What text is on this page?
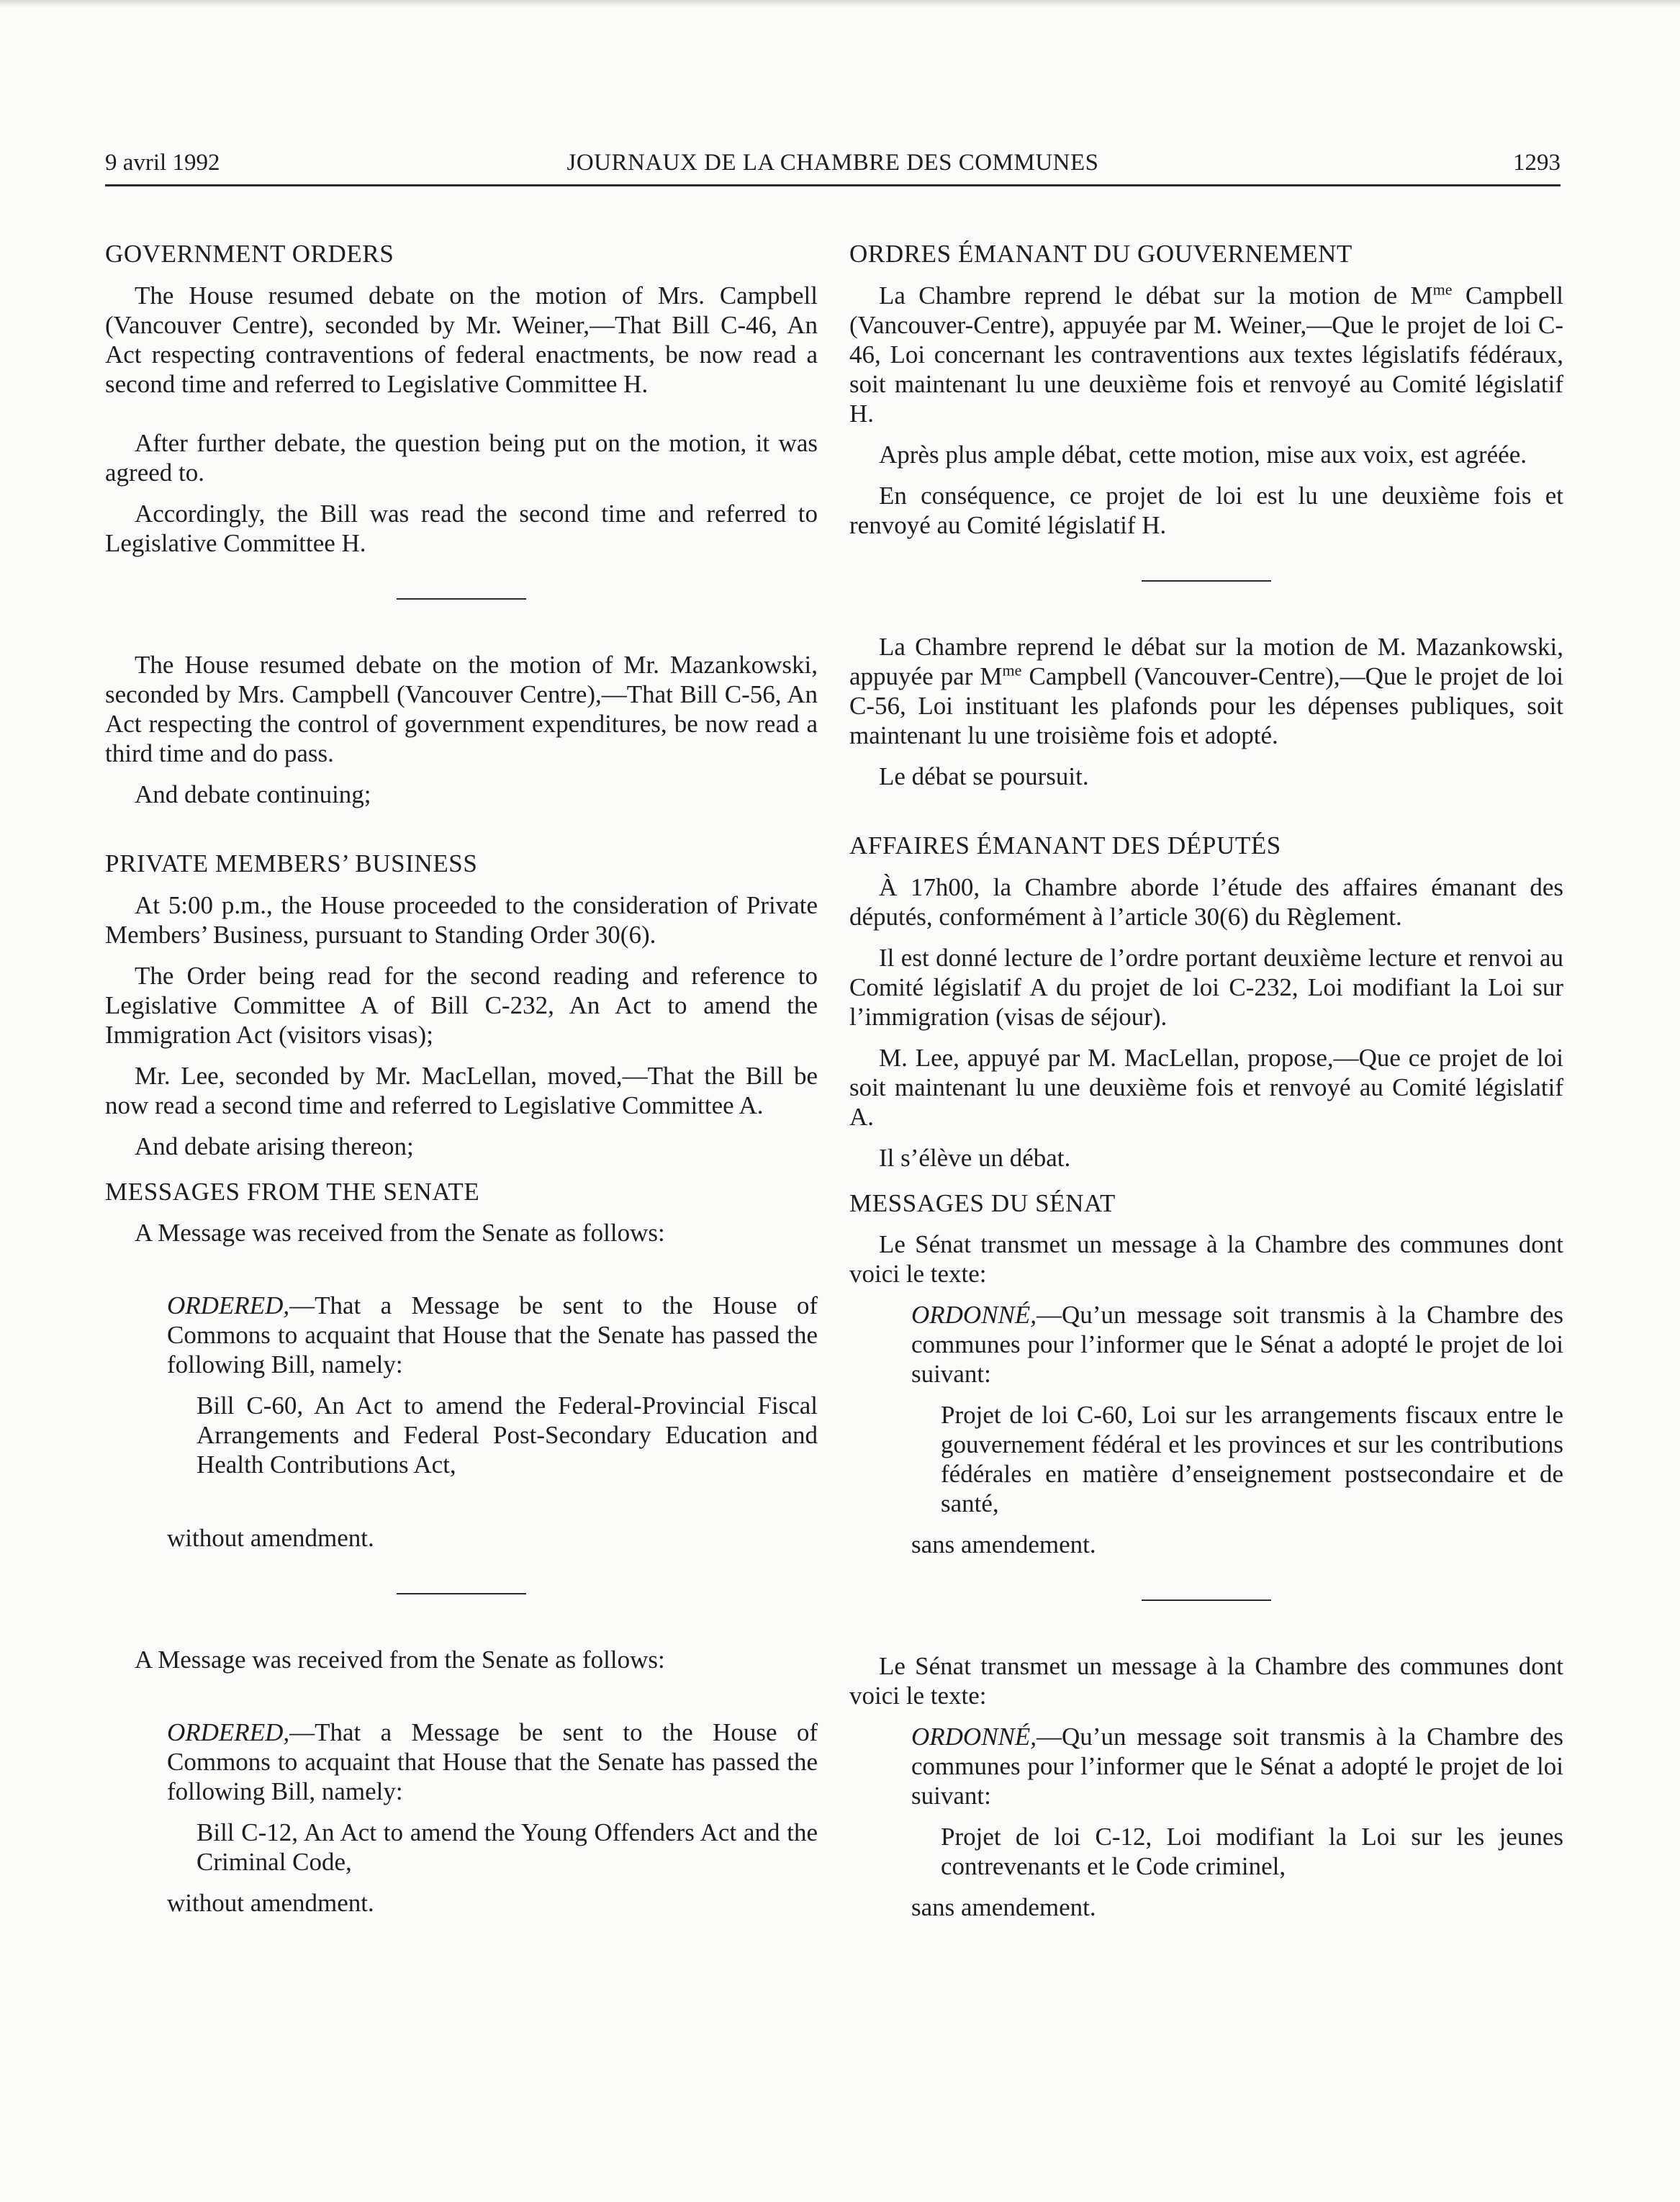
9 avril 1992	JOURNAUX DE LA CHAMBRE DES COMMUNES	1293
GOVERNMENT ORDERS

The House resumed debate on the motion of Mrs. Campbell (Vancouver Centre), seconded by Mr. Weiner,—That Bill C-46, An Act respecting contraventions of federal enactments, be now read a second time and referred to Legislative Committee H.

After further debate, the question being put on the motion, it was agreed to.

Accordingly, the Bill was read the second time and referred to Legislative Committee H.

The House resumed debate on the motion of Mr. Mazankowski, seconded by Mrs. Campbell (Vancouver Centre),—That Bill C-56, An Act respecting the control of government expenditures, be now read a third time and do pass.

And debate continuing;

PRIVATE MEMBERS’ BUSINESS

At 5:00 p.m., the House proceeded to the consideration of Private Members’ Business, pursuant to Standing Order 30(6).

The Order being read for the second reading and reference to Legislative Committee A of Bill C-232, An Act to amend the Immigration Act (visitors visas);

Mr. Lee, seconded by Mr. MacLellan, moved,—That the Bill be now read a second time and referred to Legislative Committee A.

And debate arising thereon;

MESSAGES FROM THE SENATE

A Message was received from the Senate as follows:

ORDERED,—That a Message be sent to the House of Commons to acquaint that House that the Senate has passed the following Bill, namely:

Bill C-60, An Act to amend the Federal-Provincial Fiscal Arrangements and Federal Post-Secondary Education and Health Contributions Act,

without amendment.

A Message was received from the Senate as follows:

ORDERED,—That a Message be sent to the House of Commons to acquaint that House that the Senate has passed the following Bill, namely:

Bill C-12, An Act to amend the Young Offenders Act and the Criminal Code,

without amendment.

ORDRES ÉMANANT DU GOUVERNEMENT

La Chambre reprend le débat sur la motion de $M^{me}$ Campbell (Vancouver-Centre), appuyée par M. Weiner,—Que le projet de loi C-46, Loi concernant les contraventions aux textes législatifs fédéraux, soit maintenant lu une deuxième fois et renvoyé au Comité législatif H.

Après plus ample débat, cette motion, mise aux voix, est agréée.

En conséquence, ce projet de loi est lu une deuxième fois et renvoyé au Comité législatif H.

La Chambre reprend le débat sur la motion de M. Mazankowski, appuyée par $M^{me}$ Campbell (Vancouver-Centre),—Que le projet de loi C-56, Loi instituant les plafonds pour les dépenses publiques, soit maintenant lu une troisième fois et adopté.

Le débat se poursuit.

AFFAIRES ÉMANANT DES DÉPUTÉS

À 17h00, la Chambre aborde l’étude des affaires émanant des députés, conformément à l’article 30(6) du Règlement.

Il est donné lecture de l’ordre portant deuxième lecture et renvoi au Comité législatif A du projet de loi C-232, Loi modifiant la Loi sur l’immigration (visas de séjour).

M. Lee, appuyé par M. MacLellan, propose,—Que ce projet de loi soit maintenant lu une deuxième fois et renvoyé au Comité législatif A.

Il s’élève un débat.

MESSAGES DU SÉNAT

Le Sénat transmet un message à la Chambre des communes dont voici le texte:

ORDONNÉ,—Qu’un message soit transmis à la Chambre des communes pour l’informer que le Sénat a adopté le projet de loi suivant:

Projet de loi C-60, Loi sur les arrangements fiscaux entre le gouvernement fédéral et les provinces et sur les contributions fédérales en matière d’enseignement postsecondaire et de santé,

sans amendement.

Le Sénat transmet un message à la Chambre des communes dont voici le texte:

ORDONNÉ,—Qu’un message soit transmis à la Chambre des communes pour l’informer que le Sénat a adopté le projet de loi suivant:

Projet de loi C-12, Loi modifiant la Loi sur les jeunes contrevenants et le Code criminel,

sans amendement.
